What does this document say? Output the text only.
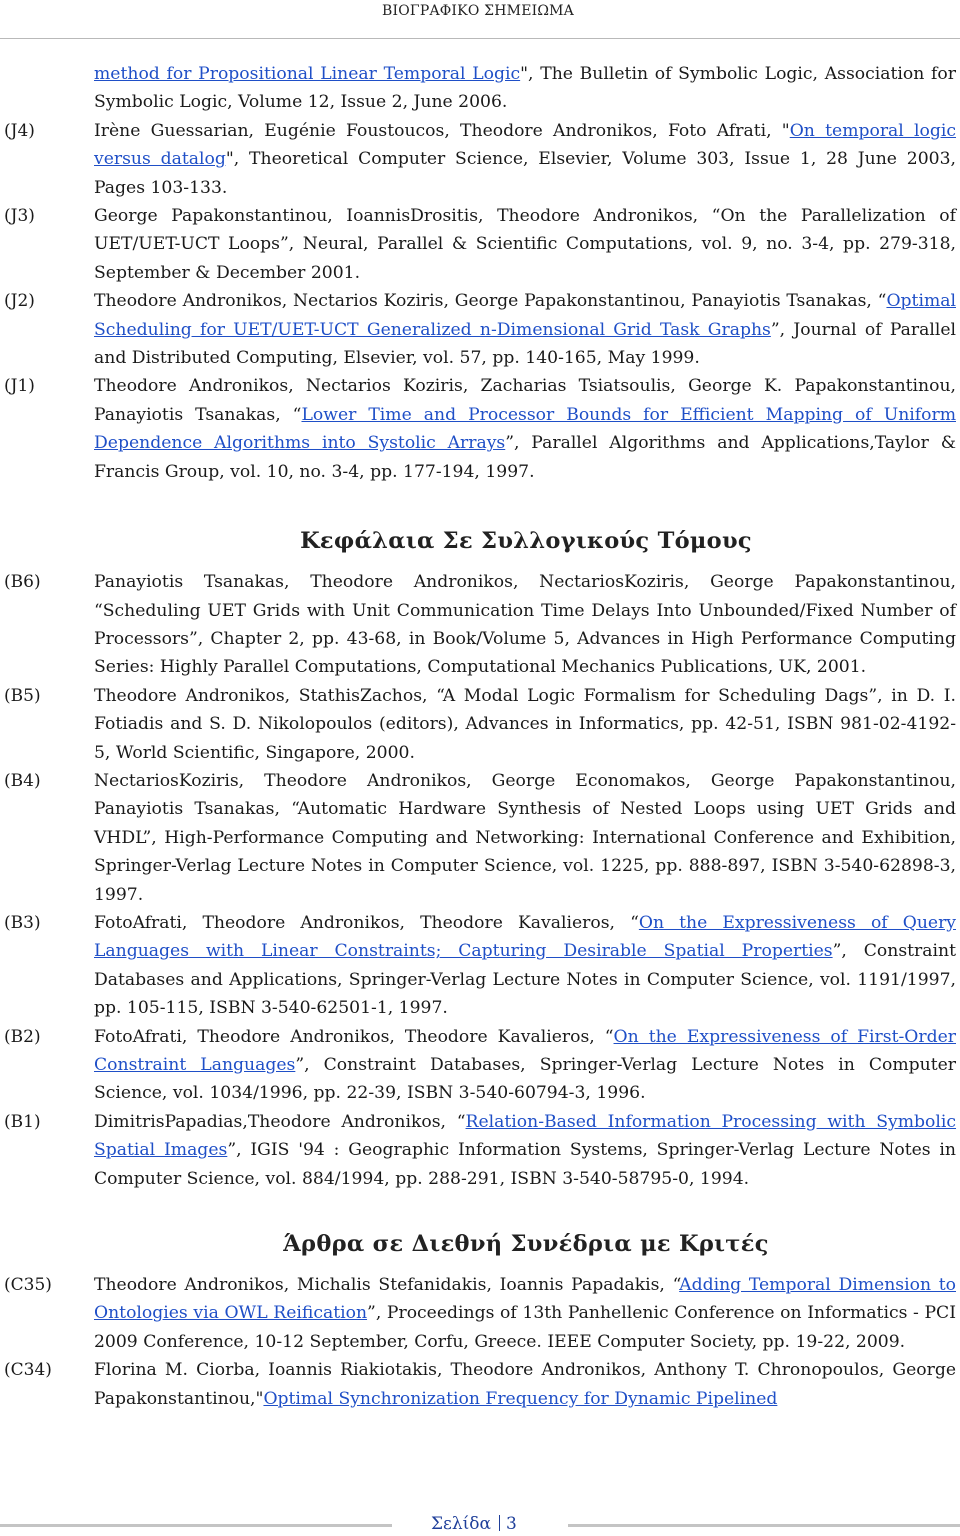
ΒΙΟΓΡΑΦΙΚΟ ΣΗΜΕΙΩΜΑ
method for Propositional Linear Temporal Logic", The Bulletin of Symbolic Logic, Association for Symbolic Logic, Volume 12, Issue 2, June 2006.
(J4)	Irène Guessarian, Eugénie Foustoucos, Theodore Andronikos, Foto Afrati, "On temporal logic versus datalog", Theoretical Computer Science, Elsevier, Volume 303, Issue 1, 28 June 2003, Pages 103-133.
(J3)	George Papakonstantinou, IoannisDrositis, Theodore Andronikos, “On the Parallelization of UET/UET-UCT Loops”, Neural, Parallel & Scientific Computations, vol. 9, no. 3-4, pp. 279-318, September & December 2001.
(J2)	Theodore Andronikos, Nectarios Koziris, George Papakonstantinou, Panayiotis Tsanakas, “Optimal Scheduling for UET/UET-UCT Generalized n-Dimensional Grid Task Graphs”, Journal of Parallel and Distributed Computing, Elsevier, vol. 57, pp. 140-165, May 1999.
(J1)	Theodore Andronikos, Nectarios Koziris, Zacharias Tsiatsoulis, George K. Papakonstantinou, Panayiotis Tsanakas, “Lower Time and Processor Bounds for Efficient Mapping of Uniform Dependence Algorithms into Systolic Arrays”, Parallel Algorithms and Applications,Taylor & Francis Group, vol. 10, no. 3-4, pp. 177-194, 1997.
Κεφάλαια Σε Συλλογικούς Τόμους
(B6)	Panayiotis Tsanakas, Theodore Andronikos, NectariosKoziris, George Papakonstantinou, “Scheduling UET Grids with Unit Communication Time Delays Into Unbounded/Fixed Number of Processors”, Chapter 2, pp. 43-68, in Book/Volume 5, Advances in High Performance Computing Series: Highly Parallel Computations, Computational Mechanics Publications, UK, 2001.
(B5)	Theodore Andronikos, StathisZachos, “A Modal Logic Formalism for Scheduling Dags”, in D. I. Fotiadis and S. D. Nikolopoulos (editors), Advances in Informatics, pp. 42-51, ISBN 981-02-4192-5, World Scientific, Singapore, 2000.
(B4)	NectariosKoziris, Theodore Andronikos, George Economakos, George Papakonstantinou, Panayiotis Tsanakas, “Automatic Hardware Synthesis of Nested Loops using UET Grids and VHDL”, High-Performance Computing and Networking: International Conference and Exhibition, Springer-Verlag Lecture Notes in Computer Science, vol. 1225, pp. 888-897, ISBN 3-540-62898-3, 1997.
(B3)	FotoAfrati, Theodore Andronikos, Theodore Kavalieros, “On the Expressiveness of Query Languages with Linear Constraints; Capturing Desirable Spatial Properties”, Constraint Databases and Applications, Springer-Verlag Lecture Notes in Computer Science, vol. 1191/1997, pp. 105-115, ISBN 3-540-62501-1, 1997.
(B2)	FotoAfrati, Theodore Andronikos, Theodore Kavalieros, “On the Expressiveness of First-Order Constraint Languages”, Constraint Databases, Springer-Verlag Lecture Notes in Computer Science, vol. 1034/1996, pp. 22-39, ISBN 3-540-60794-3, 1996.
(B1)	DimitrisPapadias,Theodore Andronikos, “Relation-Based Information Processing with Symbolic Spatial Images”, IGIS '94 : Geographic Information Systems, Springer-Verlag Lecture Notes in Computer Science, vol. 884/1994, pp. 288-291, ISBN 3-540-58795-0, 1994.
Άρθρα σε Διεθνή Συνέδρια με Κριτές
(C35) Theodore Andronikos, Michalis Stefanidakis, Ioannis Papadakis, “Adding Temporal Dimension to Ontologies via OWL Reification”, Proceedings of 13th Panhellenic Conference on Informatics - PCI 2009 Conference, 10-12 September, Corfu, Greece. IEEE Computer Society, pp. 19-22, 2009.
(C34) Florina M. Ciorba, Ioannis Riakiotakis, Theodore Andronikos, Anthony T. Chronopoulos, George Papakonstantinou,"Optimal Synchronization Frequency for Dynamic Pipelined
Σελίδα 3
